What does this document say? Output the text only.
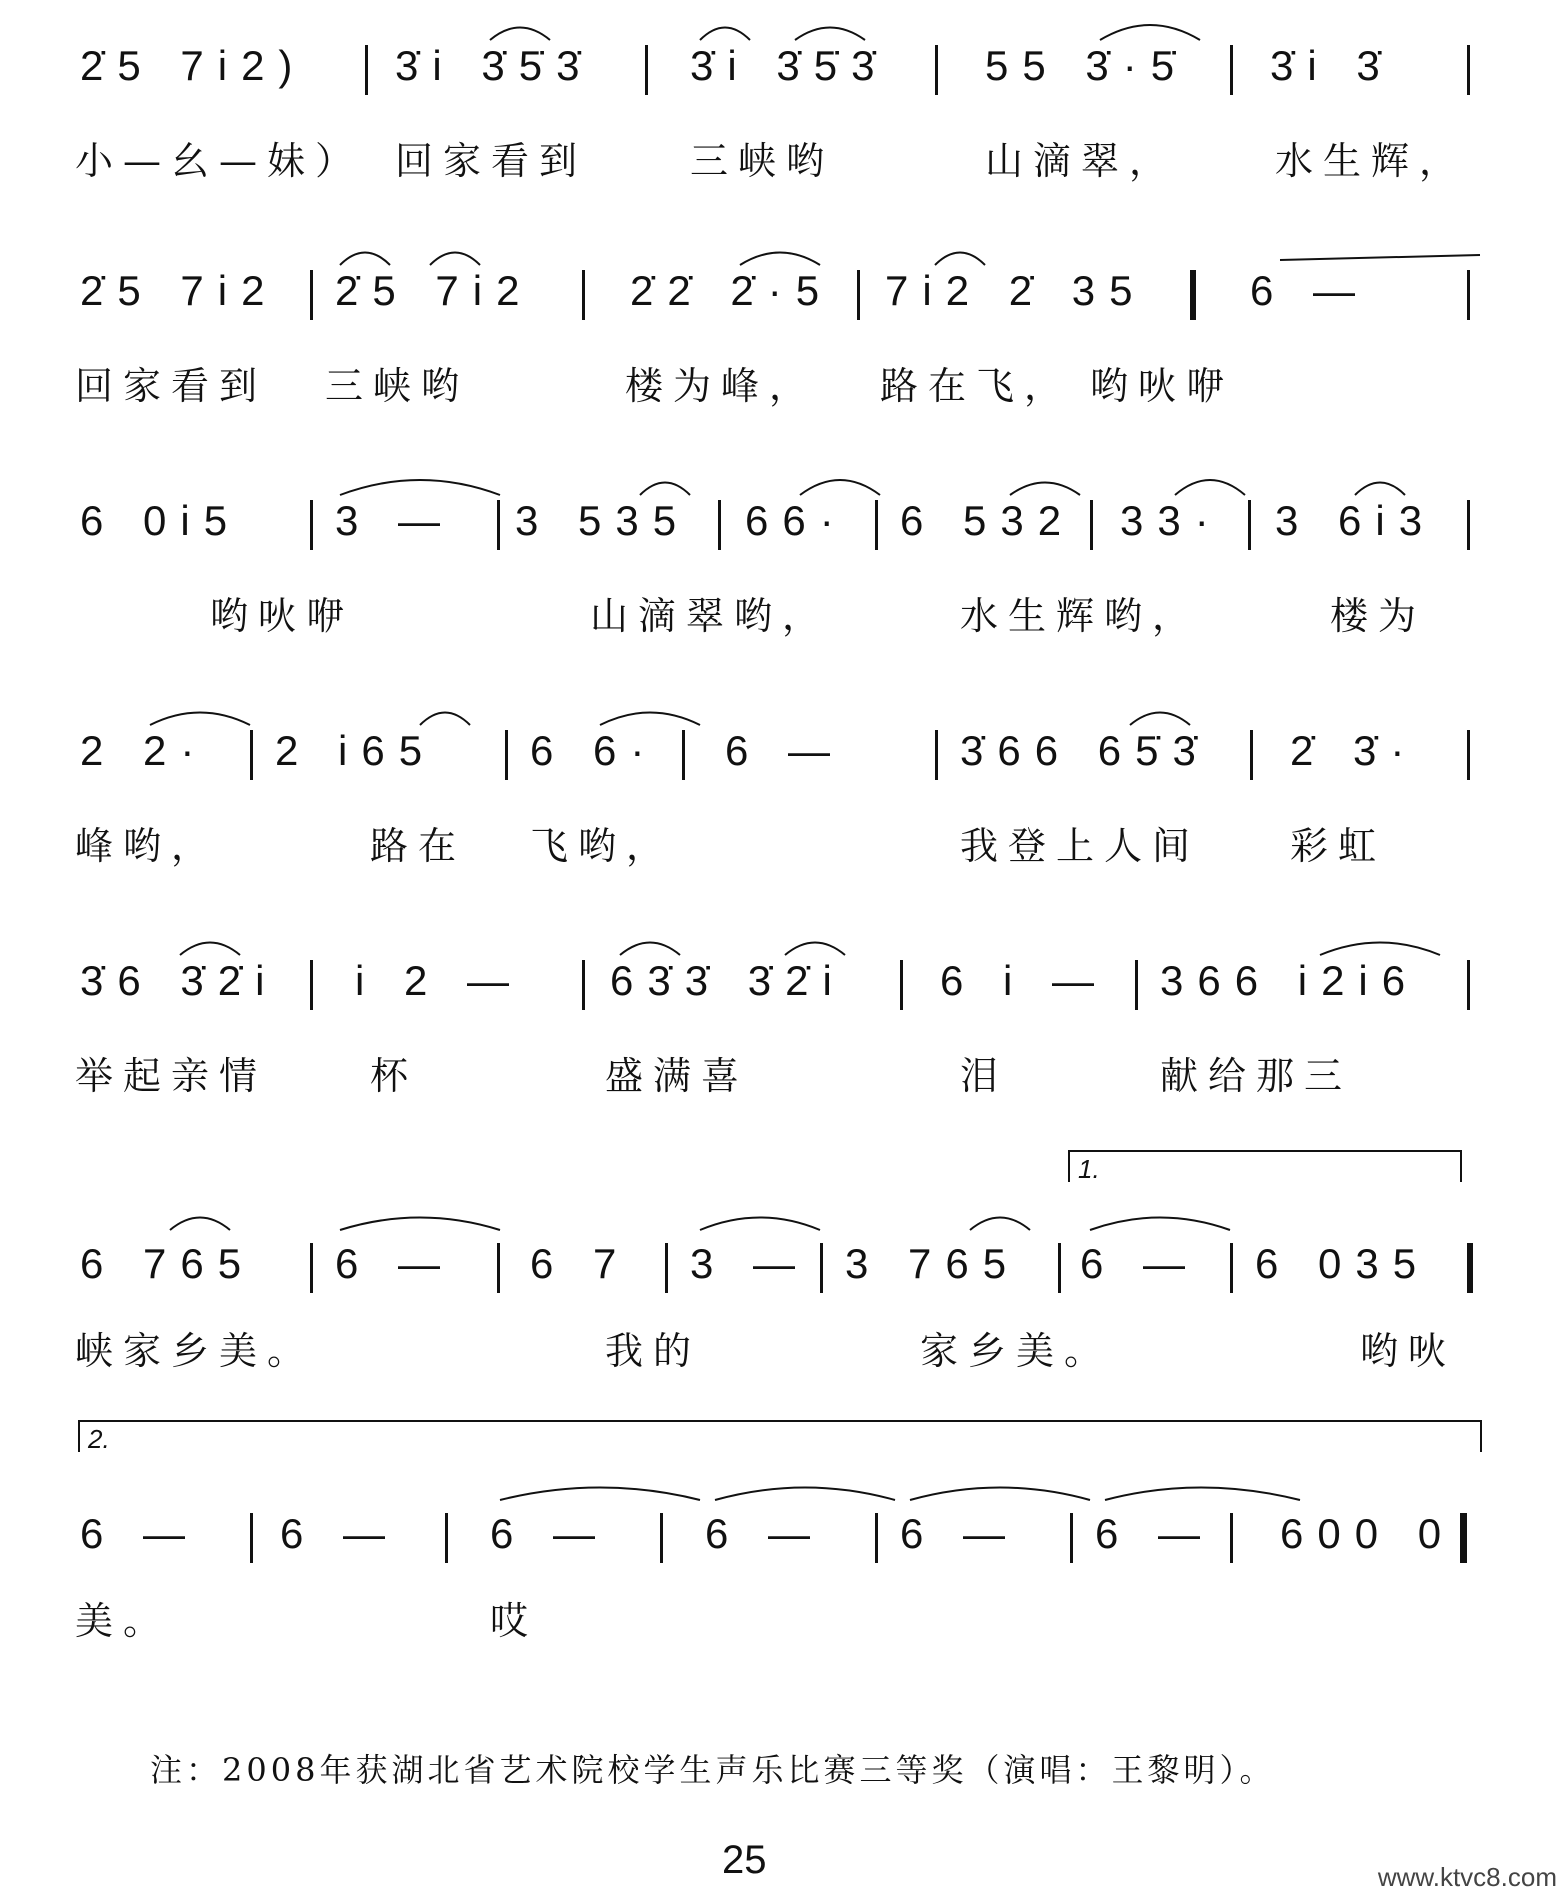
2̇5 7i2) 3̇i 3̇5̇3̇ 3̇i 3̇5̇3̇ 55 3̇·5̇ 3̇i 3̇
小—幺—妹） 回家看到	三峡哟	山滴翠，	水生辉，
2̇5 7i2 2̇5 7i2 2̇2̇ 2̇·5 7i2 2̇ 35 6 —
回家看到 三峡哟	楼为峰， 路在飞， 哟吙咿
6 0i5 3 — 3 535 66· 6 532 33· 3 6i3
哟吙咿	山滴翠哟，	水生辉哟，	楼为
2 2· 2 i65 6 6· 6 —	3̇66 65̇3̇ 2̇ 3̇·
峰哟，	路在 飞哟，	我登上人间 彩虹
3̇6 3̇2̇i i 2 — 63̇3̇ 3̇2̇i 6 i — 366 i2i6
举起亲情	杯	盛满喜	泪	献给那三
1.
6 765 6 — 6 7 3 — 3 765 6 — 6 035
峡家乡美。	我的	家乡美。	哟吙
2.
6 — 6 — 6 — 6 — 6 — 6 — 600 0
美。	哎
注：2008年获湖北省艺术院校学生声乐比赛三等奖（演唱：王黎明）。
25	www.ktvc8.com
